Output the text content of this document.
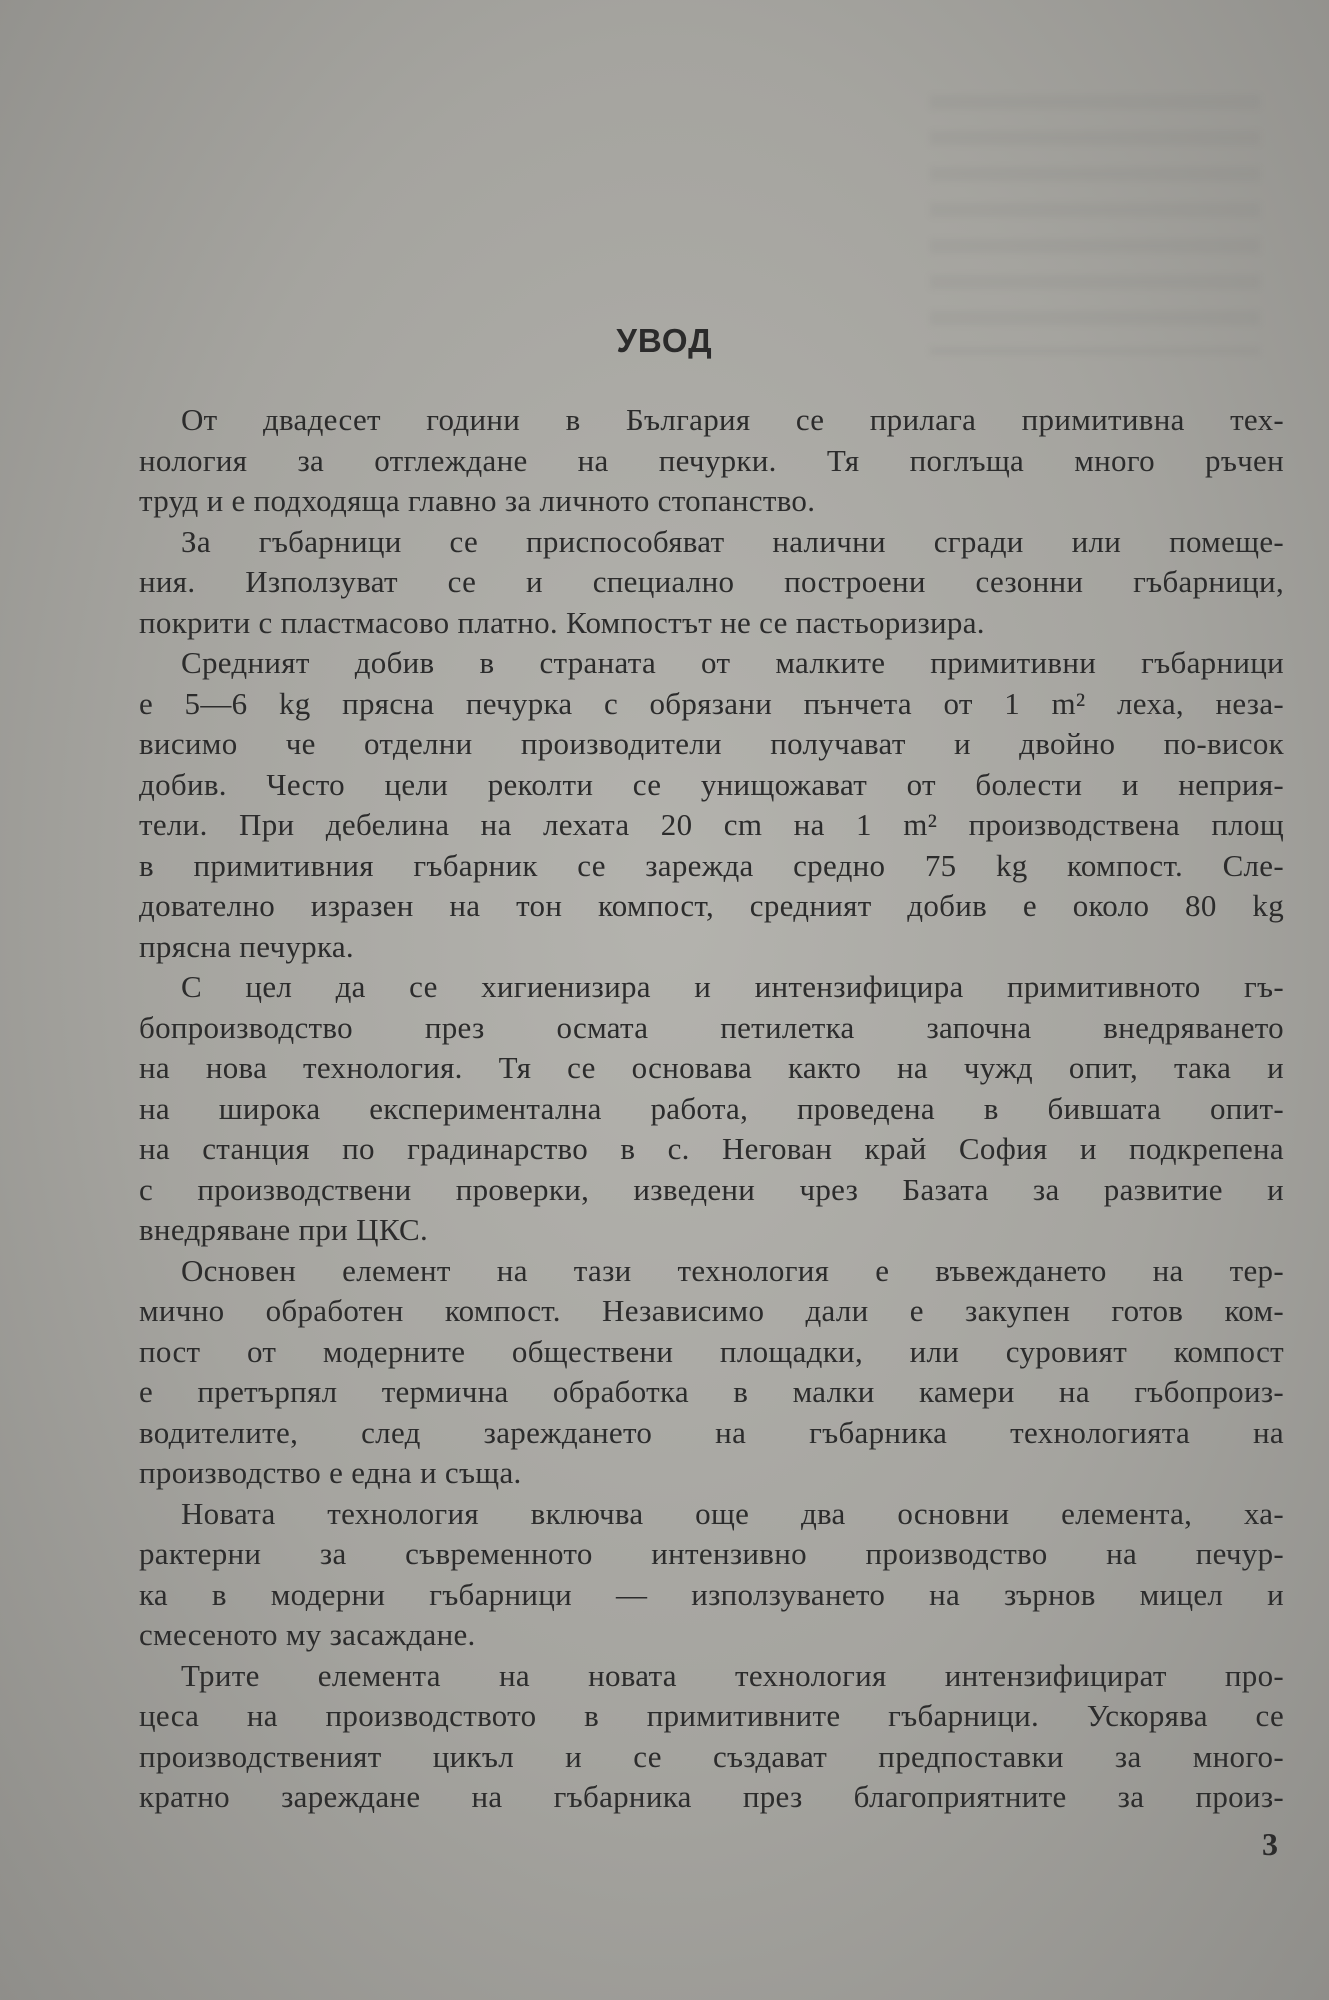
УВОД
От двадесет години в България се прилага примитивна тех-
нология за отглеждане на печурки. Тя поглъща много ръчен
труд и е подходяща главно за личното стопанство.
За гъбарници се приспособяват налични сгради или помеще-
ния. Използуват се и специално построени сезонни гъбарници,
покрити с пластмасово платно. Компостът не се пастьоризира.
Средният добив в страната от малките примитивни гъбарници
е 5—6 kg прясна печурка с обрязани пънчета от 1 m² леха, неза-
висимо че отделни производители получават и двойно по-висок
добив. Често цели реколти се унищожават от болести и неприя-
тели. При дебелина на лехата 20 cm на 1 m² производствена площ
в примитивния гъбарник се зарежда средно 75 kg компост. Сле-
дователно изразен на тон компост, средният добив е около 80 kg
прясна печурка.
С цел да се хигиенизира и интензифицира примитивното гъ-
бопроизводство през осмата петилетка започна внедряването
на нова технология. Тя се основава както на чужд опит, така и
на широка експериментална работа, проведена в бившата опит-
на станция по градинарство в с. Негован край София и подкрепена
с производствени проверки, изведени чрез Базата за развитие и
внедряване при ЦКС.
Основен елемент на тази технология е въвеждането на тер-
мично обработен компост. Независимо дали е закупен готов ком-
пост от модерните обществени площадки, или суровият компост
е претърпял термична обработка в малки камери на гъбопроиз-
водителите, след зареждането на гъбарника технологията на
производство е една и съща.
Новата технология включва още два основни елемента, ха-
рактерни за съвременното интензивно производство на печур-
ка в модерни гъбарници — използуването на зърнов мицел и
смесеното му засаждане.
Трите елемента на новата технология интензифицират про-
цеса на производството в примитивните гъбарници. Ускорява се
производственият цикъл и се създават предпоставки за много-
кратно зареждане на гъбарника през благоприятните за произ-
3
